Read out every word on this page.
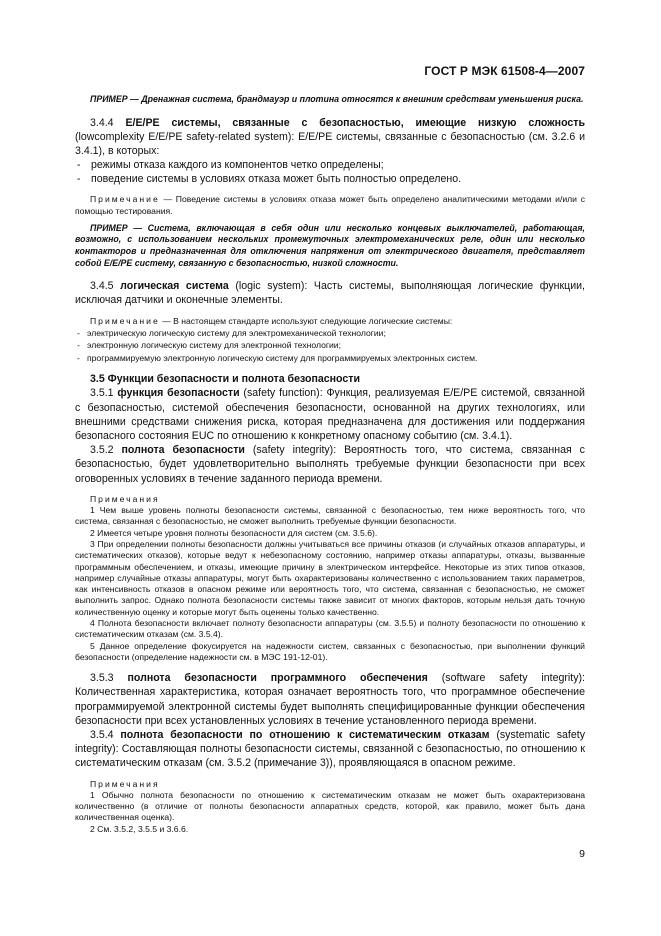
ГОСТ Р МЭК 61508-4—2007

ПРИМЕР — Дренажная система, брандмауэр и плотина относятся к внешним средствам уменьшения риска.

3.4.4 E/E/PE системы, связанные с безопасностью, имеющие низкую сложность (lowcomplexity E/E/PE safety-related system): E/E/PE системы, связанные с безопасностью (см. 3.2.6 и 3.4.1), в которых:

- режимы отказа каждого из компонентов четко определены;
- поведение системы в условиях отказа может быть полностью определено.

Примечание — Поведение системы в условиях отказа может быть определено аналитическими методами и/или с помощью тестирования.

ПРИМЕР — Система, включающая в себя один или несколько концевых выключателей, работающая, возможно, с использованием нескольких промежуточных электромеханических реле, один или несколько контакторов и предназначенная для отключения напряжения от электрического двигателя, представляет собой E/E/PE систему, связанную с безопасностью, низкой сложности.

3.4.5 логическая система (logic system): Часть системы, выполняющая логические функции, исключая датчики и оконечные элементы.

Примечание — В настоящем стандарте используют следующие логические системы:

- электрическую логическую систему для электромеханической технологии;
- электронную логическую систему для электронной технологии;
- программируемую электронную логическую систему для программируемых электронных систем.

3.5 Функции безопасности и полнота безопасности

3.5.1 функция безопасности (safety function): Функция, реализуемая E/E/PE системой, связанной с безопасностью, системой обеспечения безопасности, основанной на других технологиях, или внешними средствами снижения риска, которая предназначена для достижения или поддержания безопасного состояния EUC по отношению к конкретному опасному событию (см. 3.4.1).

3.5.2 полнота безопасности (safety integrity): Вероятность того, что система, связанная с безопасностью, будет удовлетворительно выполнять требуемые функции безопасности при всех оговоренных условиях в течение заданного периода времени.

Примечания

1 Чем выше уровень полноты безопасности системы, связанной с безопасностью, тем ниже вероятность того, что система, связанная с безопасностью, не сможет выполнить требуемые функции безопасности.

2 Имеется четыре уровня полноты безопасности для систем (см. 3.5.6).

3 При определении полноты безопасности должны учитываться все причины отказов (и случайных отказов аппаратуры, и систематических отказов), которые ведут к небезопасному состоянию, например отказы аппаратуры, отказы, вызванные программным обеспечением, и отказы, имеющие причину в электрическом интерфейсе. Некоторые из этих типов отказов, например случайные отказы аппаратуры, могут быть охарактеризованы количественно с использованием таких параметров, как интенсивность отказов в опасном режиме или вероятность того, что система, связанная с безопасностью, не сможет выполнить запрос. Однако полнота безопасности системы также зависит от многих факторов, которым нельзя дать точную количественную оценку и которые могут быть оценены только качественно.

4 Полнота безопасности включает полноту безопасности аппаратуры (см. 3.5.5) и полноту безопасности по отношению к систематическим отказам (см. 3.5.4).

5 Данное определение фокусируется на надежности систем, связанных с безопасностью, при выполнении функций безопасности (определение надежности см. в МЭС 191-12-01).

3.5.3 полнота безопасности программного обеспечения (software safety integrity): Количественная характеристика, которая означает вероятность того, что программное обеспечение программируемой электронной системы будет выполнять специфицированные функции обеспечения безопасности при всех установленных условиях в течение установленного периода времени.

3.5.4 полнота безопасности по отношению к систематическим отказам (systematic safety integrity): Составляющая полноты безопасности системы, связанной с безопасностью, по отношению к систематическим отказам (см. 3.5.2 (примечание 3)), проявляющаяся в опасном режиме.

Примечания

1 Обычно полнота безопасности по отношению к систематическим отказам не может быть охарактеризована количественно (в отличие от полноты безопасности аппаратных средств, которой, как правило, может быть дана количественная оценка).

2 См. 3.5.2, 3.5.5 и 3.6.6.

9
